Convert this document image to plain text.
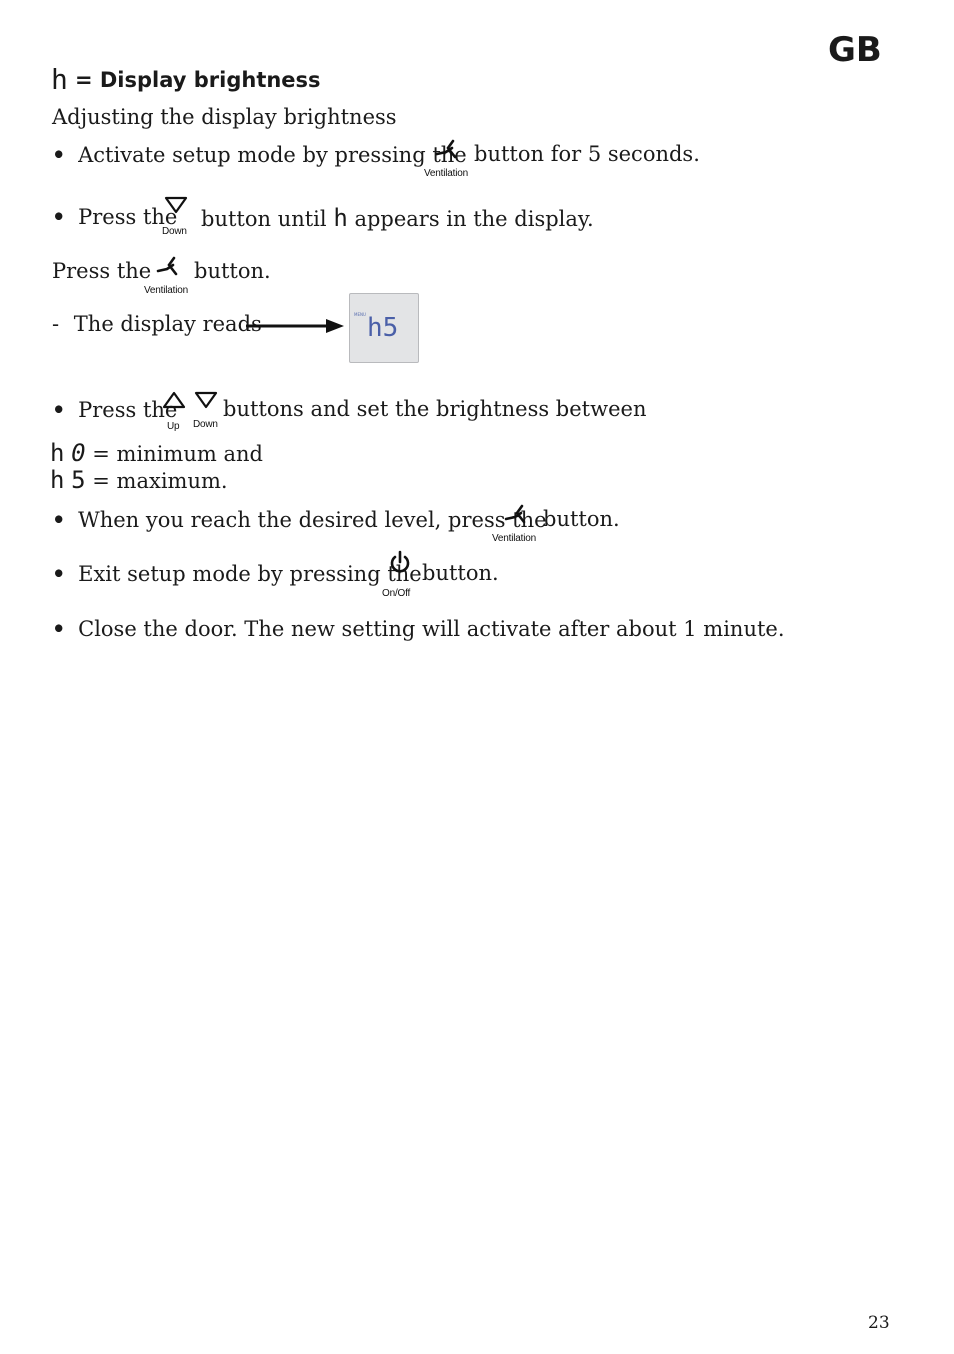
GB
h = Display brightness
Adjusting the display brightness
• Activate setup mode by pressing the
Ventilation
button for 5 seconds.
• Press the
Down
button until h appears in the display.
Press the
Ventilation
button.
- The display reads	MENU h5
• Press the
Up Down
buttons and set the brightness between
h 0 = minimum and
h 5 = maximum.
• When you reach the desired level, press the
Ventilation
button.
• Exit setup mode by pressing the
On/Off
button.
• Close the door. The new setting will activate after about 1 minute.
23
